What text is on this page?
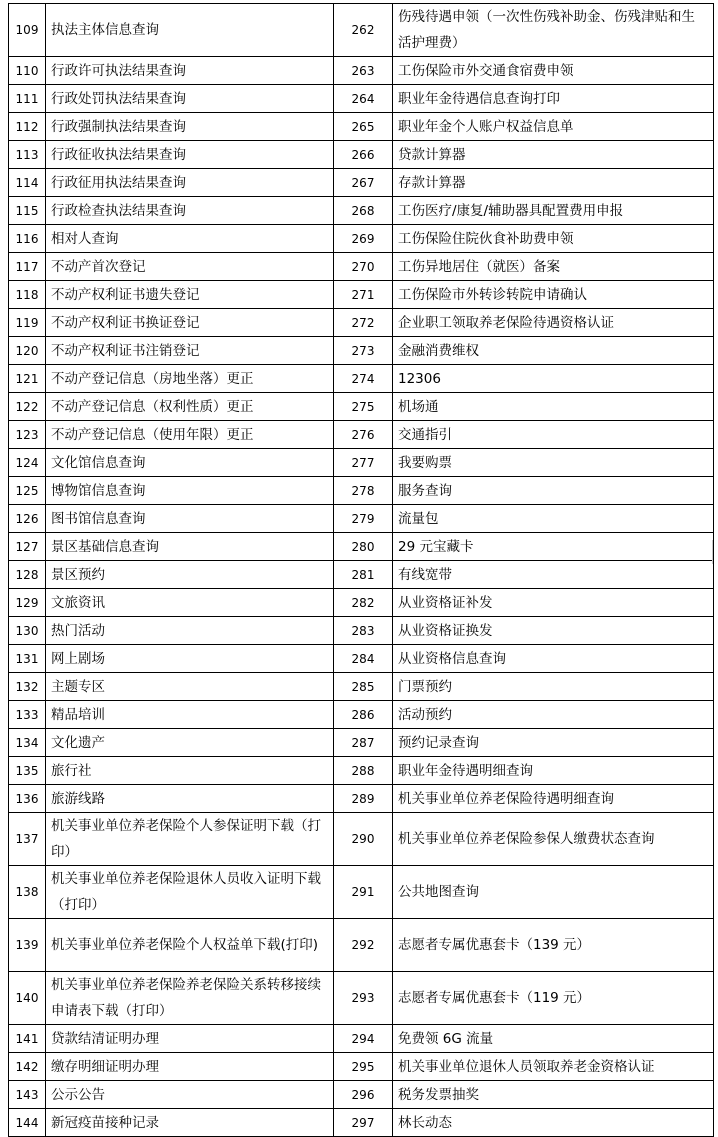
109	执法主体信息查询	262	伤残待遇申领（一次性伤残补助金、伤残津贴和生活护理费）
110	行政许可执法结果查询	263	工伤保险市外交通食宿费申领
111	行政处罚执法结果查询	264	职业年金待遇信息查询打印
112	行政强制执法结果查询	265	职业年金个人账户权益信息单
113	行政征收执法结果查询	266	贷款计算器
114	行政征用执法结果查询	267	存款计算器
115	行政检查执法结果查询	268	工伤医疗/康复/辅助器具配置费用申报
116	相对人查询	269	工伤保险住院伙食补助费申领
117	不动产首次登记	270	工伤异地居住（就医）备案
118	不动产权利证书遗失登记	271	工伤保险市外转诊转院申请确认
119	不动产权利证书换证登记	272	企业职工领取养老保险待遇资格认证
120	不动产权利证书注销登记	273	金融消费维权
121	不动产登记信息（房地坐落）更正	274	12306
122	不动产登记信息（权利性质）更正	275	机场通
123	不动产登记信息（使用年限）更正	276	交通指引
124	文化馆信息查询	277	我要购票
125	博物馆信息查询	278	服务查询
126	图书馆信息查询	279	流量包
127	景区基础信息查询	280	29 元宝藏卡
128	景区预约	281	有线宽带
129	文旅资讯	282	从业资格证补发
130	热门活动	283	从业资格证换发
131	网上剧场	284	从业资格信息查询
132	主题专区	285	门票预约
133	精品培训	286	活动预约
134	文化遗产	287	预约记录查询
135	旅行社	288	职业年金待遇明细查询
136	旅游线路	289	机关事业单位养老保险待遇明细查询
137	机关事业单位养老保险个人参保证明下载（打印）	290	机关事业单位养老保险参保人缴费状态查询
138	机关事业单位养老保险退休人员收入证明下载（打印）	291	公共地图查询
139	机关事业单位养老保险个人权益单下载(打印)	292	志愿者专属优惠套卡（139 元）
140	机关事业单位养老保险养老保险关系转移接续申请表下载（打印）	293	志愿者专属优惠套卡（119 元）
141	贷款结清证明办理	294	免费领 6G 流量
142	缴存明细证明办理	295	机关事业单位退休人员领取养老金资格认证
143	公示公告	296	税务发票抽奖
144	新冠疫苗接种记录	297	林长动态
